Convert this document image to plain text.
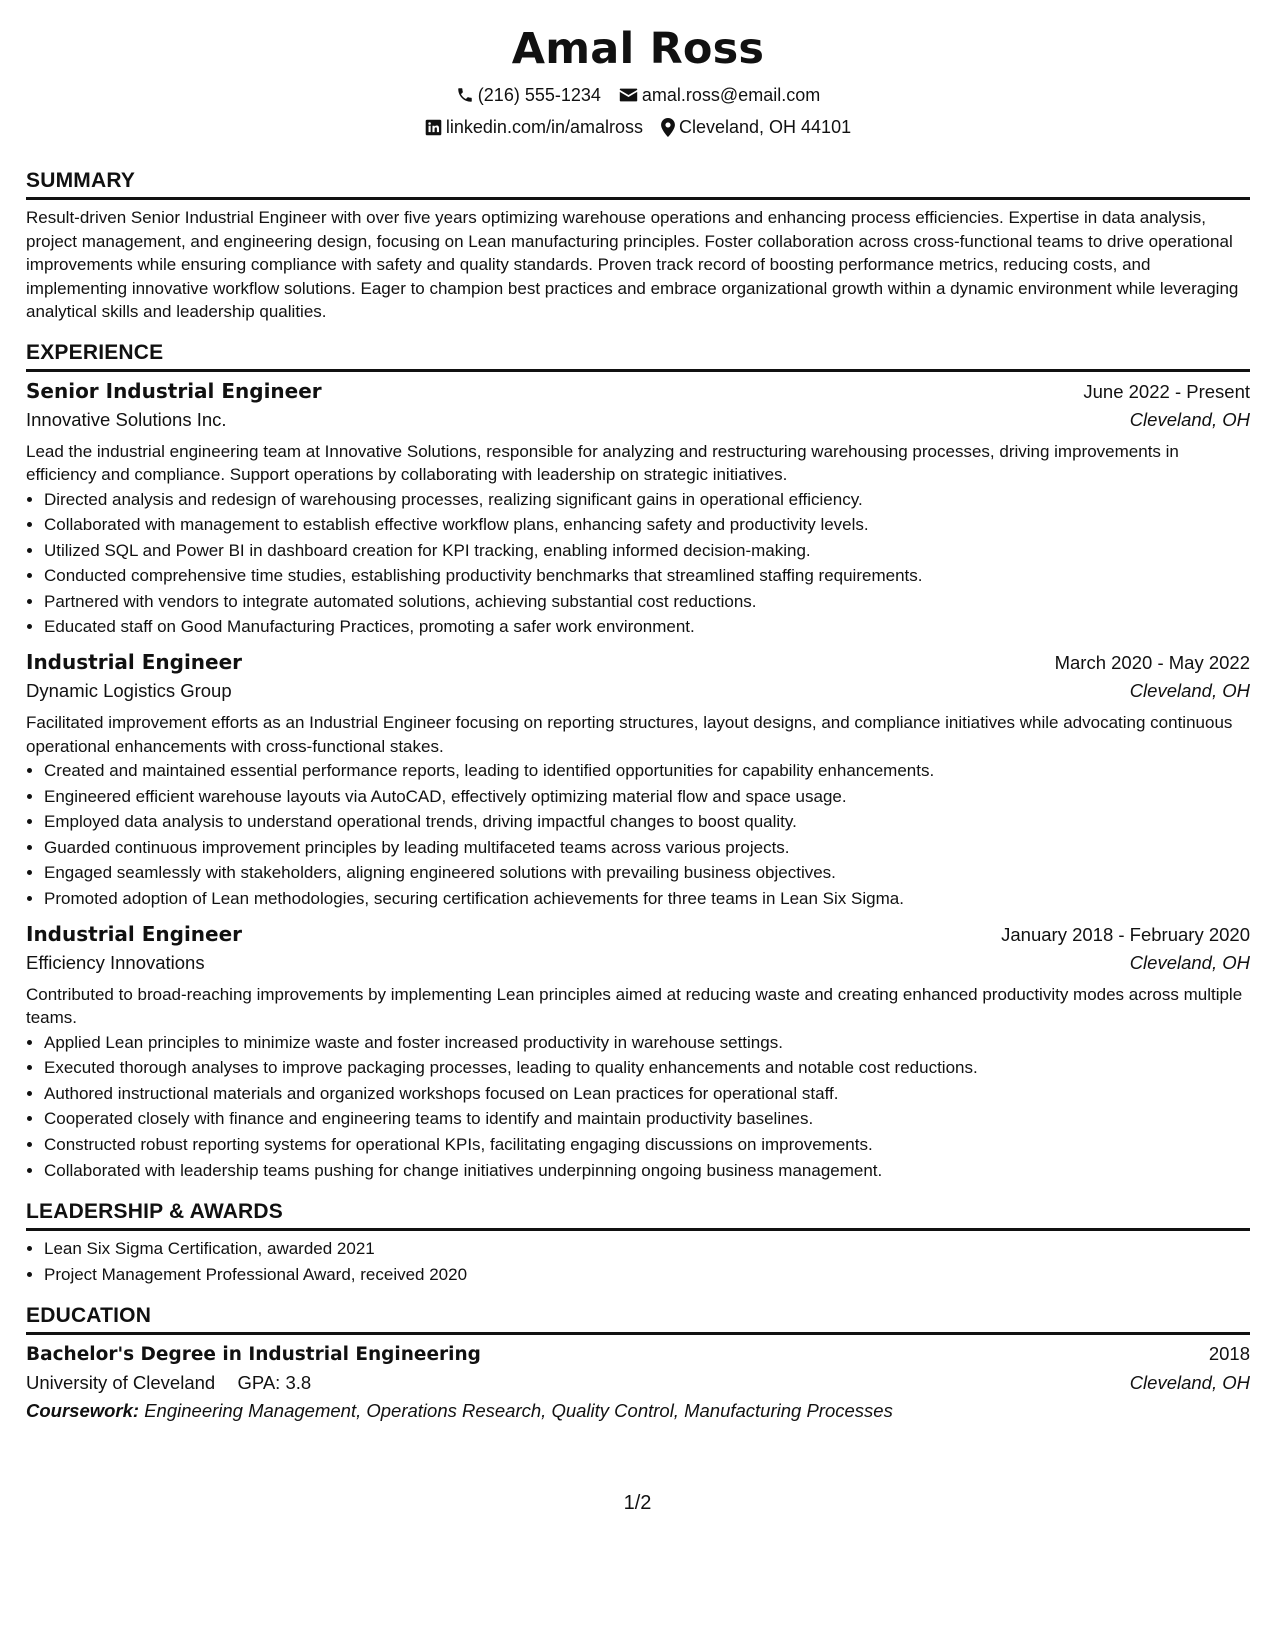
Amal Ross
(216) 555-1234 amal.ross@email.com
linkedin.com/in/amalross Cleveland, OH 44101
SUMMARY

Result-driven Senior Industrial Engineer with over five years optimizing warehouse operations and enhancing process efficiencies. Expertise in data analysis, project management, and engineering design, focusing on Lean manufacturing principles. Foster collaboration across cross-functional teams to drive operational improvements while ensuring compliance with safety and quality standards. Proven track record of boosting performance metrics, reducing costs, and implementing innovative workflow solutions. Eager to champion best practices and embrace organizational growth within a dynamic environment while leveraging analytical skills and leadership qualities.

EXPERIENCE
Senior Industrial Engineer	June 2022 - Present
Innovative Solutions Inc.	Cleveland, OH

Lead the industrial engineering team at Innovative Solutions, responsible for analyzing and restructuring warehousing processes, driving improvements in efficiency and compliance. Support operations by collaborating with leadership on strategic initiatives.

• Directed analysis and redesign of warehousing processes, realizing significant gains in operational efficiency.
• Collaborated with management to establish effective workflow plans, enhancing safety and productivity levels.
• Utilized SQL and Power BI in dashboard creation for KPI tracking, enabling informed decision-making.
• Conducted comprehensive time studies, establishing productivity benchmarks that streamlined staffing requirements.
• Partnered with vendors to integrate automated solutions, achieving substantial cost reductions.
• Educated staff on Good Manufacturing Practices, promoting a safer work environment.
Industrial Engineer	March 2020 - May 2022
Dynamic Logistics Group	Cleveland, OH

Facilitated improvement efforts as an Industrial Engineer focusing on reporting structures, layout designs, and compliance initiatives while advocating continuous operational enhancements with cross-functional stakes.

• Created and maintained essential performance reports, leading to identified opportunities for capability enhancements.
• Engineered efficient warehouse layouts via AutoCAD, effectively optimizing material flow and space usage.
• Employed data analysis to understand operational trends, driving impactful changes to boost quality.
• Guarded continuous improvement principles by leading multifaceted teams across various projects.
• Engaged seamlessly with stakeholders, aligning engineered solutions with prevailing business objectives.
• Promoted adoption of Lean methodologies, securing certification achievements for three teams in Lean Six Sigma.
Industrial Engineer	January 2018 - February 2020
Efficiency Innovations	Cleveland, OH

Contributed to broad-reaching improvements by implementing Lean principles aimed at reducing waste and creating enhanced productivity modes across multiple teams.

• Applied Lean principles to minimize waste and foster increased productivity in warehouse settings.
• Executed thorough analyses to improve packaging processes, leading to quality enhancements and notable cost reductions.
• Authored instructional materials and organized workshops focused on Lean practices for operational staff.
• Cooperated closely with finance and engineering teams to identify and maintain productivity baselines.
• Constructed robust reporting systems for operational KPIs, facilitating engaging discussions on improvements.
• Collaborated with leadership teams pushing for change initiatives underpinning ongoing business management.
LEADERSHIP & AWARDS
• Lean Six Sigma Certification, awarded 2021
• Project Management Professional Award, received 2020
EDUCATION
Bachelor's Degree in Industrial Engineering	2018
University of Cleveland GPA: 3.8	Cleveland, OH
Coursework: Engineering Management, Operations Research, Quality Control, Manufacturing Processes
1/2
